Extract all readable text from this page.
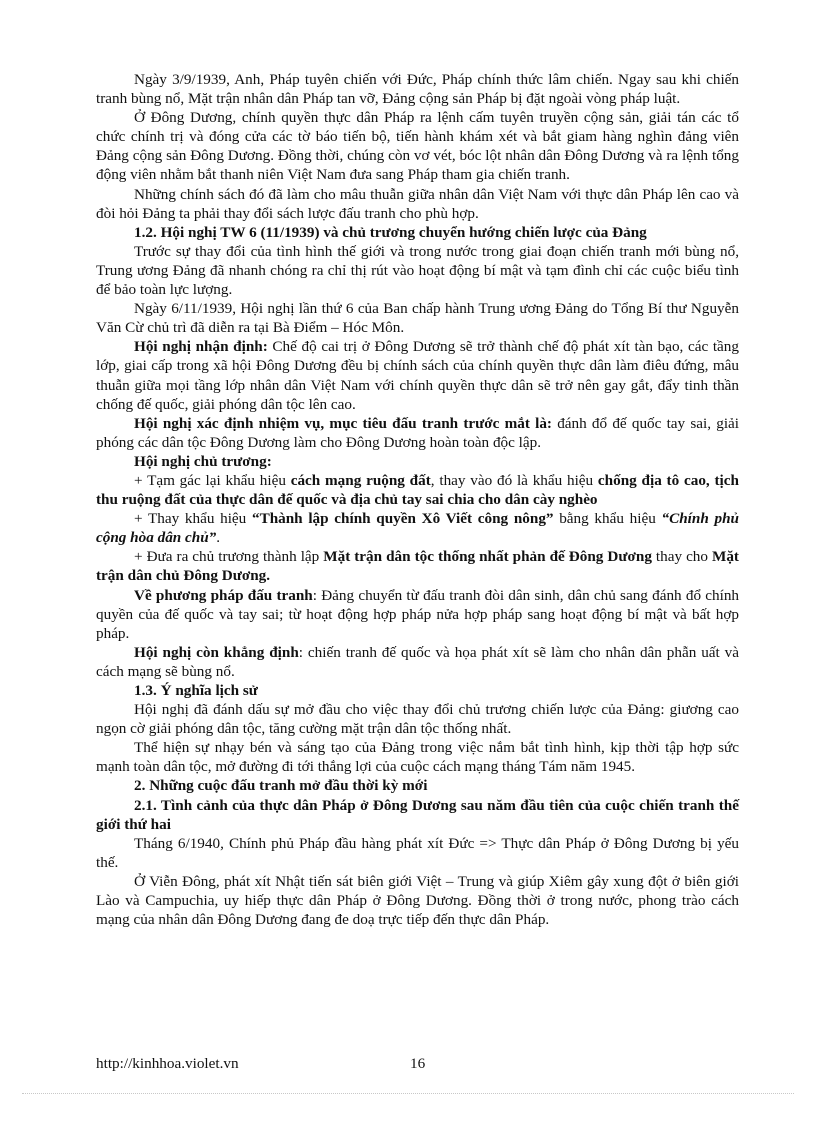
Ngày 3/9/1939, Anh, Pháp tuyên chiến với Đức, Pháp chính thức lâm chiến. Ngay sau khi chiến tranh bùng nổ, Mặt trận nhân dân Pháp tan vỡ, Đảng cộng sản Pháp bị đặt ngoài vòng pháp luật.

Ở Đông Dương, chính quyền thực dân Pháp ra lệnh cấm tuyên truyền cộng sản, giải tán các tổ chức chính trị và đóng cửa các tờ báo tiến bộ, tiến hành khám xét và bắt giam hàng nghìn đảng viên Đảng cộng sản Đông Dương. Đồng thời, chúng còn vơ vét, bóc lột nhân dân Đông Dương và ra lệnh tổng động viên nhằm bắt thanh niên Việt Nam đưa sang Pháp tham gia chiến tranh.

Những chính sách đó đã làm cho mâu thuẫn giữa nhân dân Việt Nam với thực dân Pháp lên cao và đòi hỏi Đảng ta phải thay đổi sách lược đấu tranh cho phù hợp.

1.2. Hội nghị TW 6 (11/1939) và chủ trương chuyển hướng chiến lược của Đảng

Trước sự thay đổi của tình hình thế giới và trong nước trong giai đoạn chiến tranh mới bùng nổ, Trung ương Đảng đã nhanh chóng ra chỉ thị rút vào hoạt động bí mật và tạm đình chỉ các cuộc biểu tình để bảo toàn lực lượng.

Ngày 6/11/1939, Hội nghị lần thứ 6 của Ban chấp hành Trung ương Đảng do Tổng Bí thư Nguyễn Văn Cừ chủ trì đã diễn ra tại Bà Điểm – Hóc Môn.

Hội nghị nhận định: Chế độ cai trị ở Đông Dương sẽ trở thành chế độ phát xít tàn bạo, các tầng lớp, giai cấp trong xã hội Đông Dương đều bị chính sách của chính quyền thực dân làm điêu đứng, mâu thuẫn giữa mọi tầng lớp nhân dân Việt Nam với chính quyền thực dân sẽ trở nên gay gắt, đẩy tinh thần chống đế quốc, giải phóng dân tộc lên cao.

Hội nghị xác định nhiệm vụ, mục tiêu đấu tranh trước mắt là: đánh đổ đế quốc tay sai, giải phóng các dân tộc Đông Dương làm cho Đông Dương hoàn toàn độc lập.

Hội nghị chủ trương:

+ Tạm gác lại khẩu hiệu cách mạng ruộng đất, thay vào đó là khẩu hiệu chống địa tô cao, tịch thu ruộng đất của thực dân đế quốc và địa chủ tay sai chia cho dân cày nghèo

+ Thay khẩu hiệu “Thành lập chính quyền Xô Viết công nông” bằng khẩu hiệu “Chính phủ cộng hòa dân chủ”.

+ Đưa ra chủ trương thành lập Mặt trận dân tộc thống nhất phản đế Đông Dương thay cho Mặt trận dân chủ Đông Dương.

Về phương pháp đấu tranh: Đảng chuyển từ đấu tranh đòi dân sinh, dân chủ sang đánh đổ chính quyền của đế quốc và tay sai; từ hoạt động hợp pháp nửa hợp pháp sang hoạt động bí mật và bất hợp pháp.

Hội nghị còn khẳng định: chiến tranh đế quốc và họa phát xít sẽ làm cho nhân dân phẫn uất và cách mạng sẽ bùng nổ.

1.3. Ý nghĩa lịch sử

Hội nghị đã đánh dấu sự mở đầu cho việc thay đổi chủ trương chiến lược của Đảng: giương cao ngọn cờ giải phóng dân tộc, tăng cường mặt trận dân tộc thống nhất.

Thể hiện sự nhạy bén và sáng tạo của Đảng trong việc nắm bắt tình hình, kịp thời tập hợp sức mạnh toàn dân tộc, mở đường đi tới thắng lợi của cuộc cách mạng tháng Tám năm 1945.

2. Những cuộc đấu tranh mở đầu thời kỳ mới

2.1. Tình cảnh của thực dân Pháp ở Đông Dương sau năm đầu tiên của cuộc chiến tranh thế giới thứ hai

Tháng 6/1940, Chính phủ Pháp đầu hàng phát xít Đức => Thực dân Pháp ở Đông Dương bị yếu thế.

Ở Viễn Đông, phát xít Nhật tiến sát biên giới Việt – Trung và giúp Xiêm gây xung đột ở biên giới Lào và Campuchia, uy hiếp thực dân Pháp ở Đông Dương. Đồng thời ở trong nước, phong trào cách mạng của nhân dân Đông Dương đang đe doạ trực tiếp đến thực dân Pháp.

http://kinhhoa.violet.vn	16
